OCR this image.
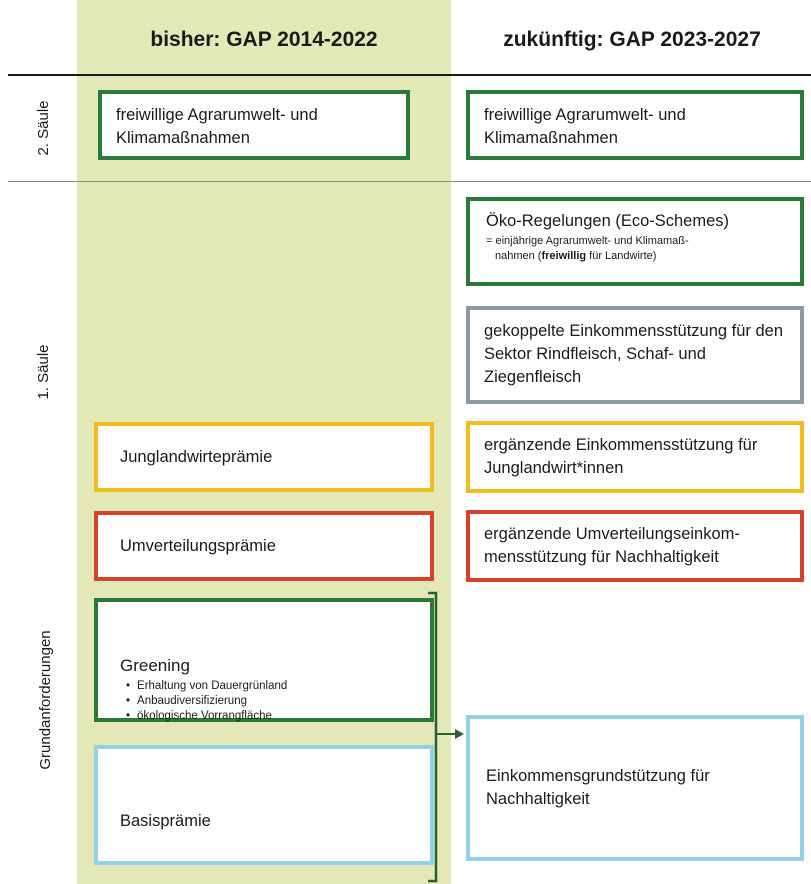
bisher: GAP 2014-2022	zukünftig: GAP 2023-2027
2. Säule
1. Säule
Grundanforderungen
freiwillige Agrarumwelt- und Klimamaßnahmen
Junglandwirteprämie
Umverteilungsprämie
Greening
• Erhaltung von Dauergrünland
• Anbaudiversifizierung
• ökologische Vorrangfläche
Basisprämie
freiwillige Agrarumwelt- und Klimamaßnahmen
Öko-Regelungen (Eco-Schemes)
= einjährige Agrarumwelt- und Klimamaß-
nahmen (freiwillig für Landwirte)
gekoppelte Einkommensstützung für den Sektor Rindfleisch, Schaf- und Ziegenfleisch
ergänzende Einkommensstützung für Junglandwirt*innen
ergänzende Umverteilungseinkom-mensstützung für Nachhaltigkeit
Einkommensgrundstützung für Nachhaltigkeit
